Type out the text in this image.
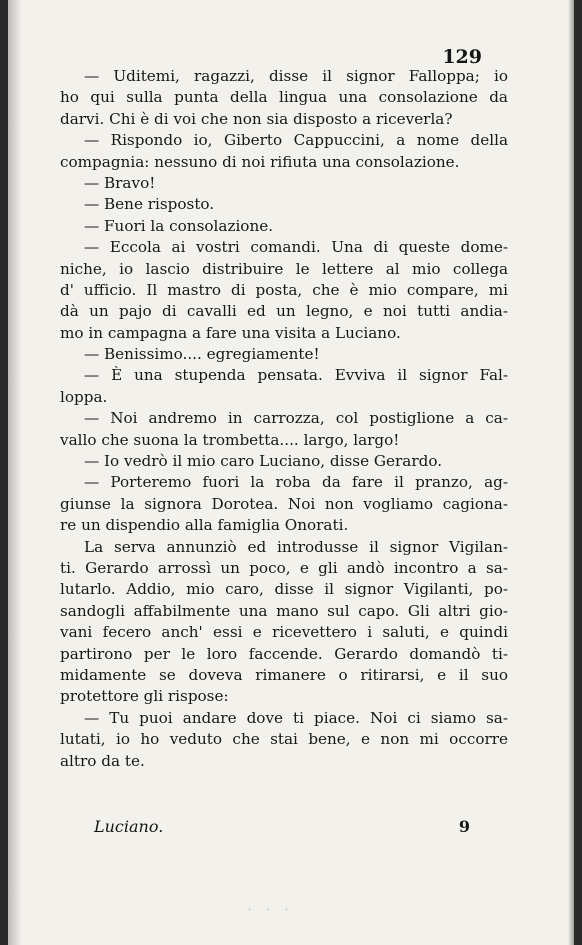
129
— Uditemi, ragazzi, disse il signor Falloppa; io
ho qui sulla punta della lingua una consolazione da
darvi. Chi è di voi che non sia disposto a riceverla?
— Rispondo io, Giberto Cappuccini, a nome della
compagnia: nessuno di noi rifiuta una consolazione.
— Bravo!
— Bene risposto.
— Fuori la consolazione.
— Eccola ai vostri comandi. Una di queste dome-
niche, io lascio distribuire le lettere al mio collega
d' ufficio. Il mastro di posta, che è mio compare, mi
dà un pajo di cavalli ed un legno, e noi tutti andia-
mo in campagna a fare una visita a Luciano.
— Benissimo.... egregiamente!
— È una stupenda pensata. Evviva il signor Fal-
loppa.
— Noi andremo in carrozza, col postiglione a ca-
vallo che suona la trombetta.... largo, largo!
— Io vedrò il mio caro Luciano, disse Gerardo.
— Porteremo fuori la roba da fare il pranzo, ag-
giunse la signora Dorotea. Noi non vogliamo cagiona-
re un dispendio alla famiglia Onorati.
La serva annunziò ed introdusse il signor Vigilan-
ti. Gerardo arrossì un poco, e gli andò incontro a sa-
lutarlo. Addio, mio caro, disse il signor Vigilanti, po-
sandogli affabilmente una mano sul capo. Gli altri gio-
vani fecero anch' essi e ricevettero i saluti, e quindi
partirono per le loro faccende. Gerardo domandò ti-
midamente se doveva rimanere o ritirarsi, e il suo
protettore gli rispose:
— Tu puoi andare dove ti piace. Noi ci siamo sa-
lutati, io ho veduto che stai bene, e non mi occorre
altro da te.
Luciano.	9
· · ·
